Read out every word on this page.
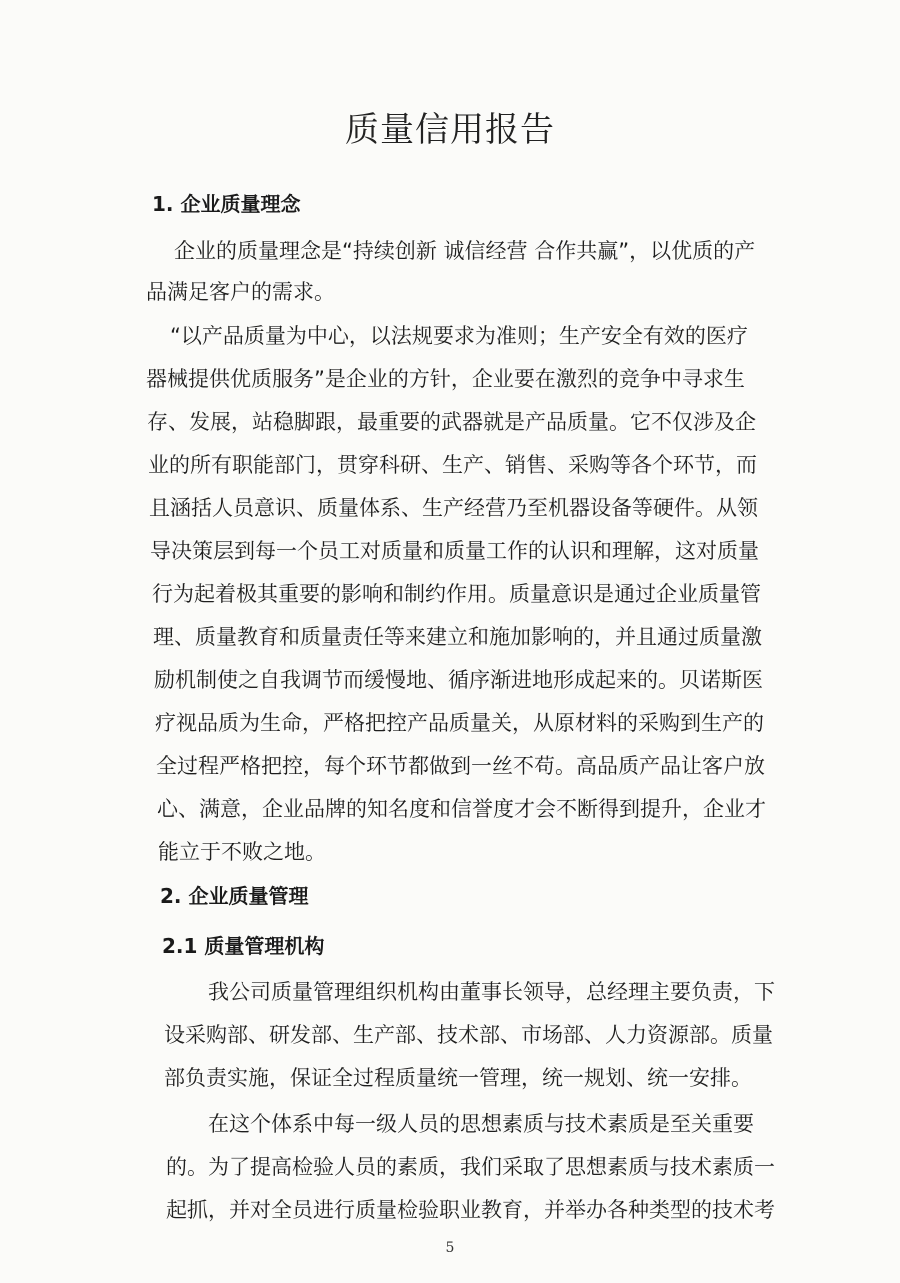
质量信用报告
1. 企业质量理念

企业的质量理念是“持续创新 诚信经营 合作共赢”，以优质的产

品满足客户的需求。

“以产品质量为中心，以法规要求为准则；生产安全有效的医疗

器械提供优质服务”是企业的方针，企业要在激烈的竞争中寻求生

存、发展，站稳脚跟，最重要的武器就是产品质量。它不仅涉及企

业的所有职能部门，贯穿科研、生产、销售、采购等各个环节，而

且涵括人员意识、质量体系、生产经营乃至机器设备等硬件。从领

导决策层到每一个员工对质量和质量工作的认识和理解，这对质量

行为起着极其重要的影响和制约作用。质量意识是通过企业质量管

理、质量教育和质量责任等来建立和施加影响的，并且通过质量激

励机制使之自我调节而缓慢地、循序渐进地形成起来的。贝诺斯医

疗视品质为生命，严格把控产品质量关，从原材料的采购到生产的

全过程严格把控，每个环节都做到一丝不苟。高品质产品让客户放

心、满意，企业品牌的知名度和信誉度才会不断得到提升，企业才

能立于不败之地。

2. 企业质量管理
2.1 质量管理机构

我公司质量管理组织机构由董事长领导，总经理主要负责，下

设采购部、研发部、生产部、技术部、市场部、人力资源部。质量

部负责实施，保证全过程质量统一管理，统一规划、统一安排。

在这个体系中每一级人员的思想素质与技术素质是至关重要

的。为了提高检验人员的素质，我们采取了思想素质与技术素质一

起抓，并对全员进行质量检验职业教育，并举办各种类型的技术考

5
